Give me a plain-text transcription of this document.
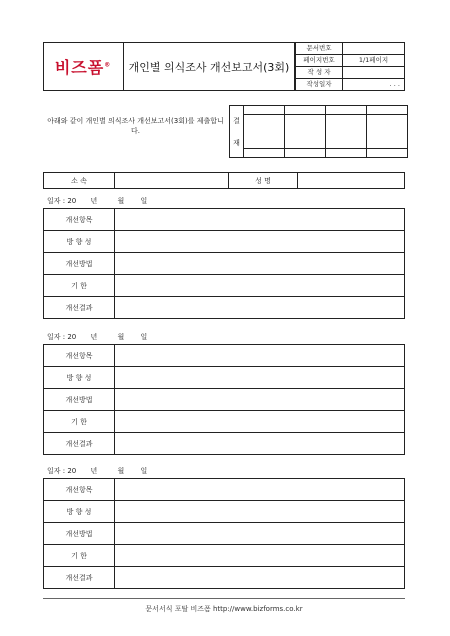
비즈폼®	개인별 의식조사 개선보고서(3회)
문서번호	
페이지번호	1/1페이지
작 성 자	
작성일자	. . .
아래와 같이 개인별 의식조사 개선보고서(3회)를 제출합니다.
결
재				

소 속		성 명	
일자 : 20 년	월 일
개선항목	
방 향 성	
개선방법	
기 한	
개선결과	
일자 : 20 년	월 일
개선항목	
방 향 성	
개선방법	
기 한	
개선결과	
일자 : 20 년	월 일
개선항목	
방 향 성	
개선방법	
기 한	
개선결과	
문서서식 포탈 비즈폼 http://www.bizforms.co.kr
